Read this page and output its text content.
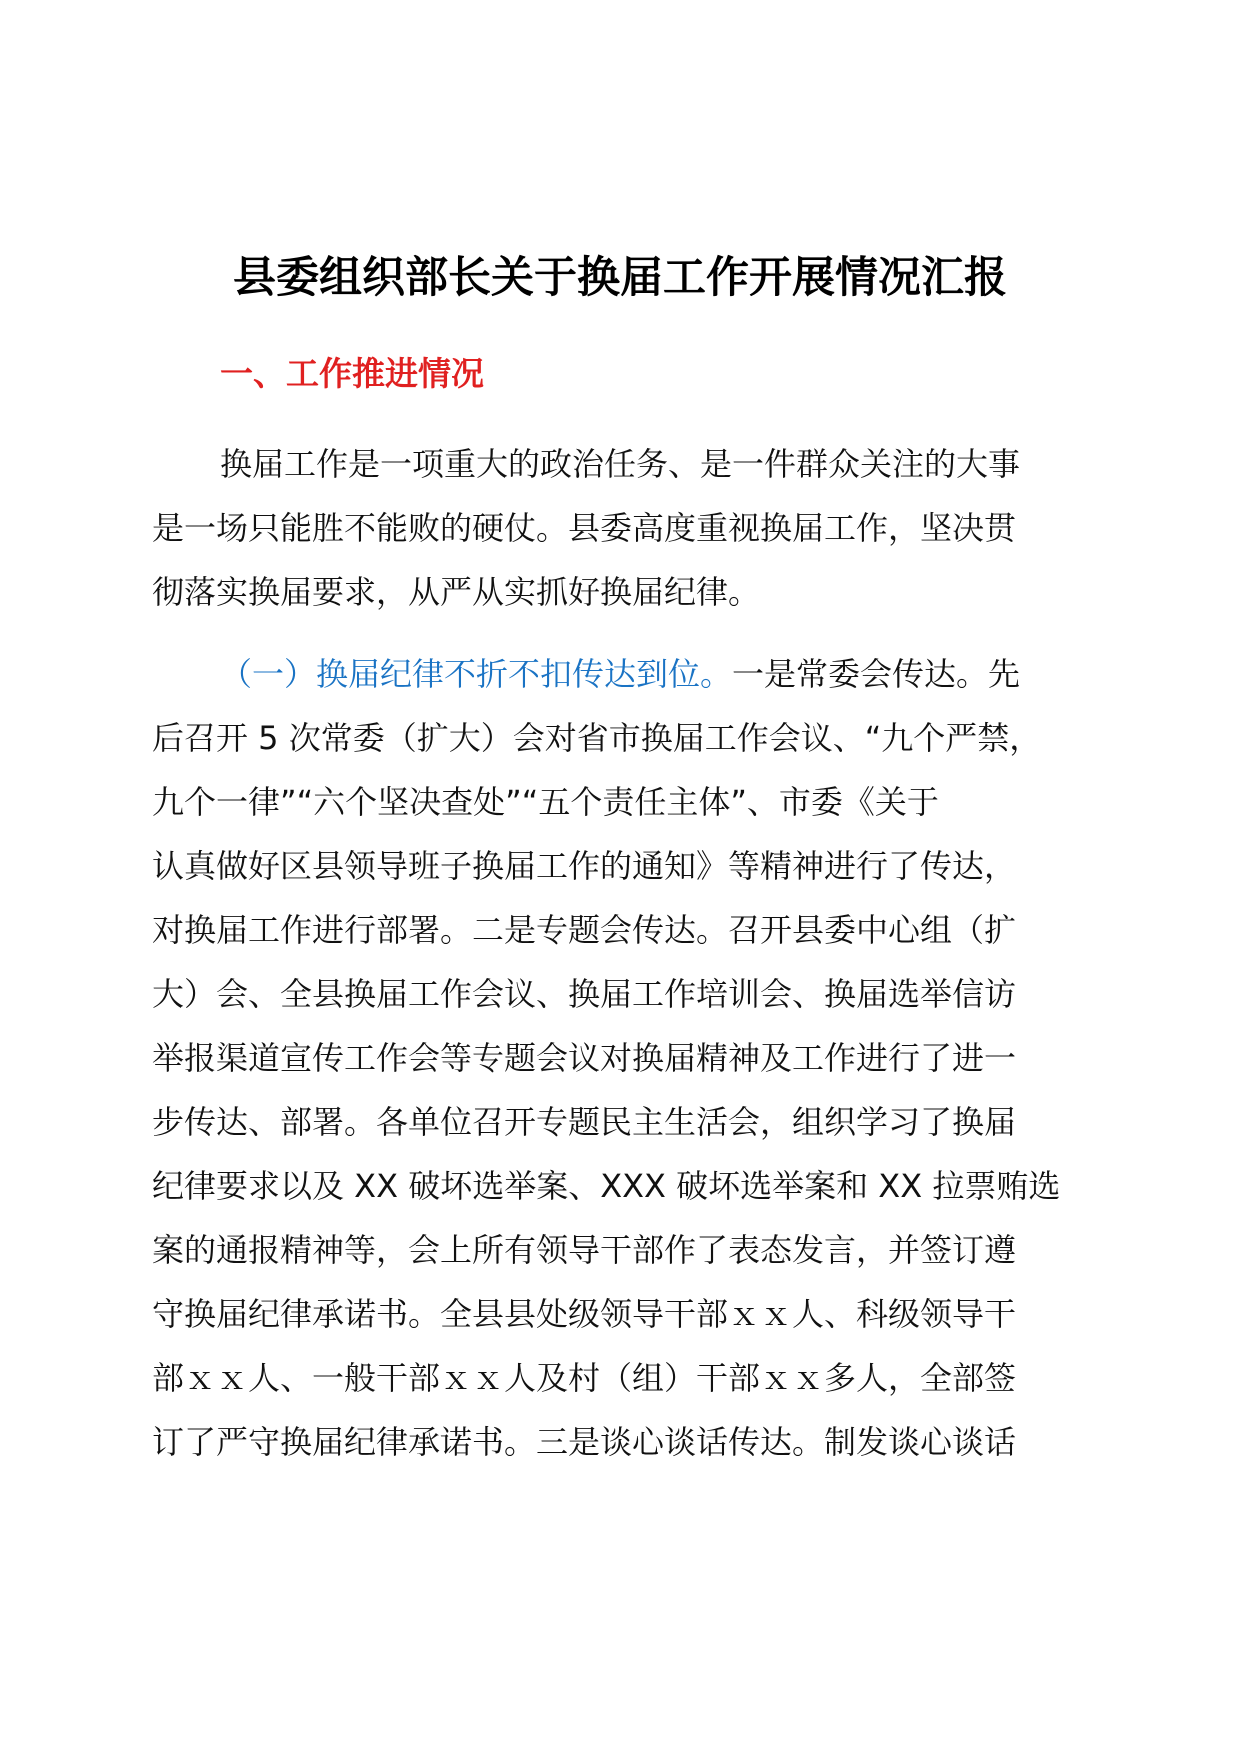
县委组织部长关于换届工作开展情况汇报
一、工作推进情况

换届工作是一项重大的政治任务、是一件群众关注的大事
是一场只能胜不能败的硬仗。县委高度重视换届工作，坚决贯
彻落实换届要求，从严从实抓好换届纪律。

（一）换届纪律不折不扣传达到位。一是常委会传达。先
后召开 5 次常委（扩大）会对省市换届工作会议、“九个严禁，
九个一律”“六个坚决查处”“五个责任主体”、市委《关于
认真做好区县领导班子换届工作的通知》等精神进行了传达，
对换届工作进行部署。二是专题会传达。召开县委中心组（扩
大）会、全县换届工作会议、换届工作培训会、换届选举信访
举报渠道宣传工作会等专题会议对换届精神及工作进行了进一
步传达、部署。各单位召开专题民主生活会，组织学习了换届
纪律要求以及 XX 破坏选举案、XXX 破坏选举案和 XX 拉票贿选
案的通报精神等，会上所有领导干部作了表态发言，并签订遵
守换届纪律承诺书。全县县处级领导干部ｘｘ人、科级领导干
部ｘｘ人、一般干部ｘｘ人及村（组）干部ｘｘ多人，全部签
订了严守换届纪律承诺书。三是谈心谈话传达。制发谈心谈话
